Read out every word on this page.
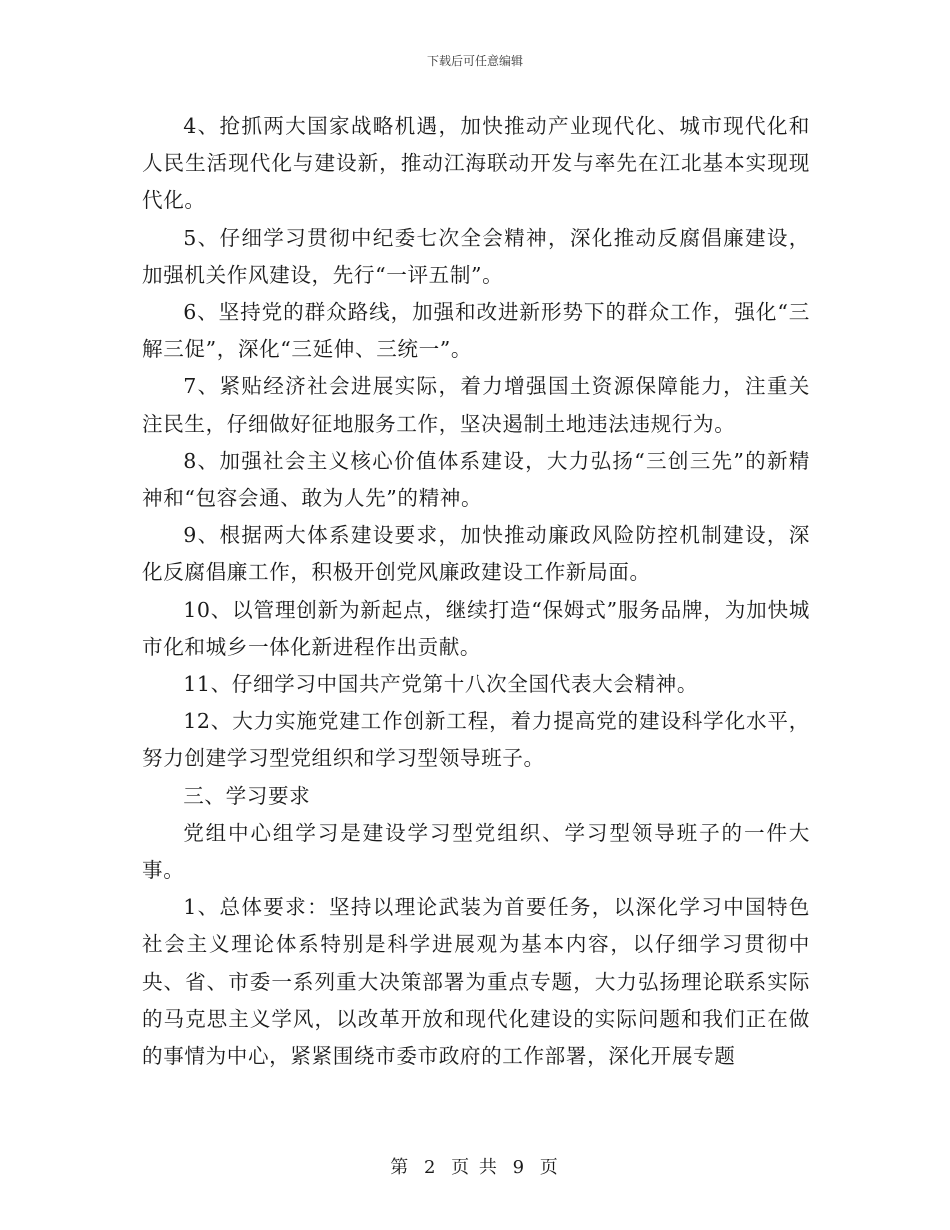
下载后可任意编辑

4、抢抓两大国家战略机遇，加快推动产业现代化、城市现代化和人民生活现代化与建设新，推动江海联动开发与率先在江北基本实现现代化。

5、仔细学习贯彻中纪委七次全会精神，深化推动反腐倡廉建设，加强机关作风建设，先行“一评五制”。

6、坚持党的群众路线，加强和改进新形势下的群众工作，强化“三解三促”，深化“三延伸、三统一”。

7、紧贴经济社会进展实际，着力增强国土资源保障能力，注重关注民生，仔细做好征地服务工作，坚决遏制土地违法违规行为。

8、加强社会主义核心价值体系建设，大力弘扬“三创三先”的新精神和“包容会通、敢为人先”的精神。

9、根据两大体系建设要求，加快推动廉政风险防控机制建设，深化反腐倡廉工作，积极开创党风廉政建设工作新局面。

10、以管理创新为新起点，继续打造“保姆式”服务品牌，为加快城市化和城乡一体化新进程作出贡献。

11、仔细学习中国共产党第十八次全国代表大会精神。

12、大力实施党建工作创新工程，着力提高党的建设科学化水平，努力创建学习型党组织和学习型领导班子。

三、学习要求

党组中心组学习是建设学习型党组织、学习型领导班子的一件大事。

1、总体要求：坚持以理论武装为首要任务，以深化学习中国特色社会主义理论体系特别是科学进展观为基本内容，以仔细学习贯彻中央、省、市委一系列重大决策部署为重点专题，大力弘扬理论联系实际的马克思主义学风，以改革开放和现代化建设的实际问题和我们正在做的事情为中心，紧紧围绕市委市政府的工作部署，深化开展专题

第 2 页 共 9 页
